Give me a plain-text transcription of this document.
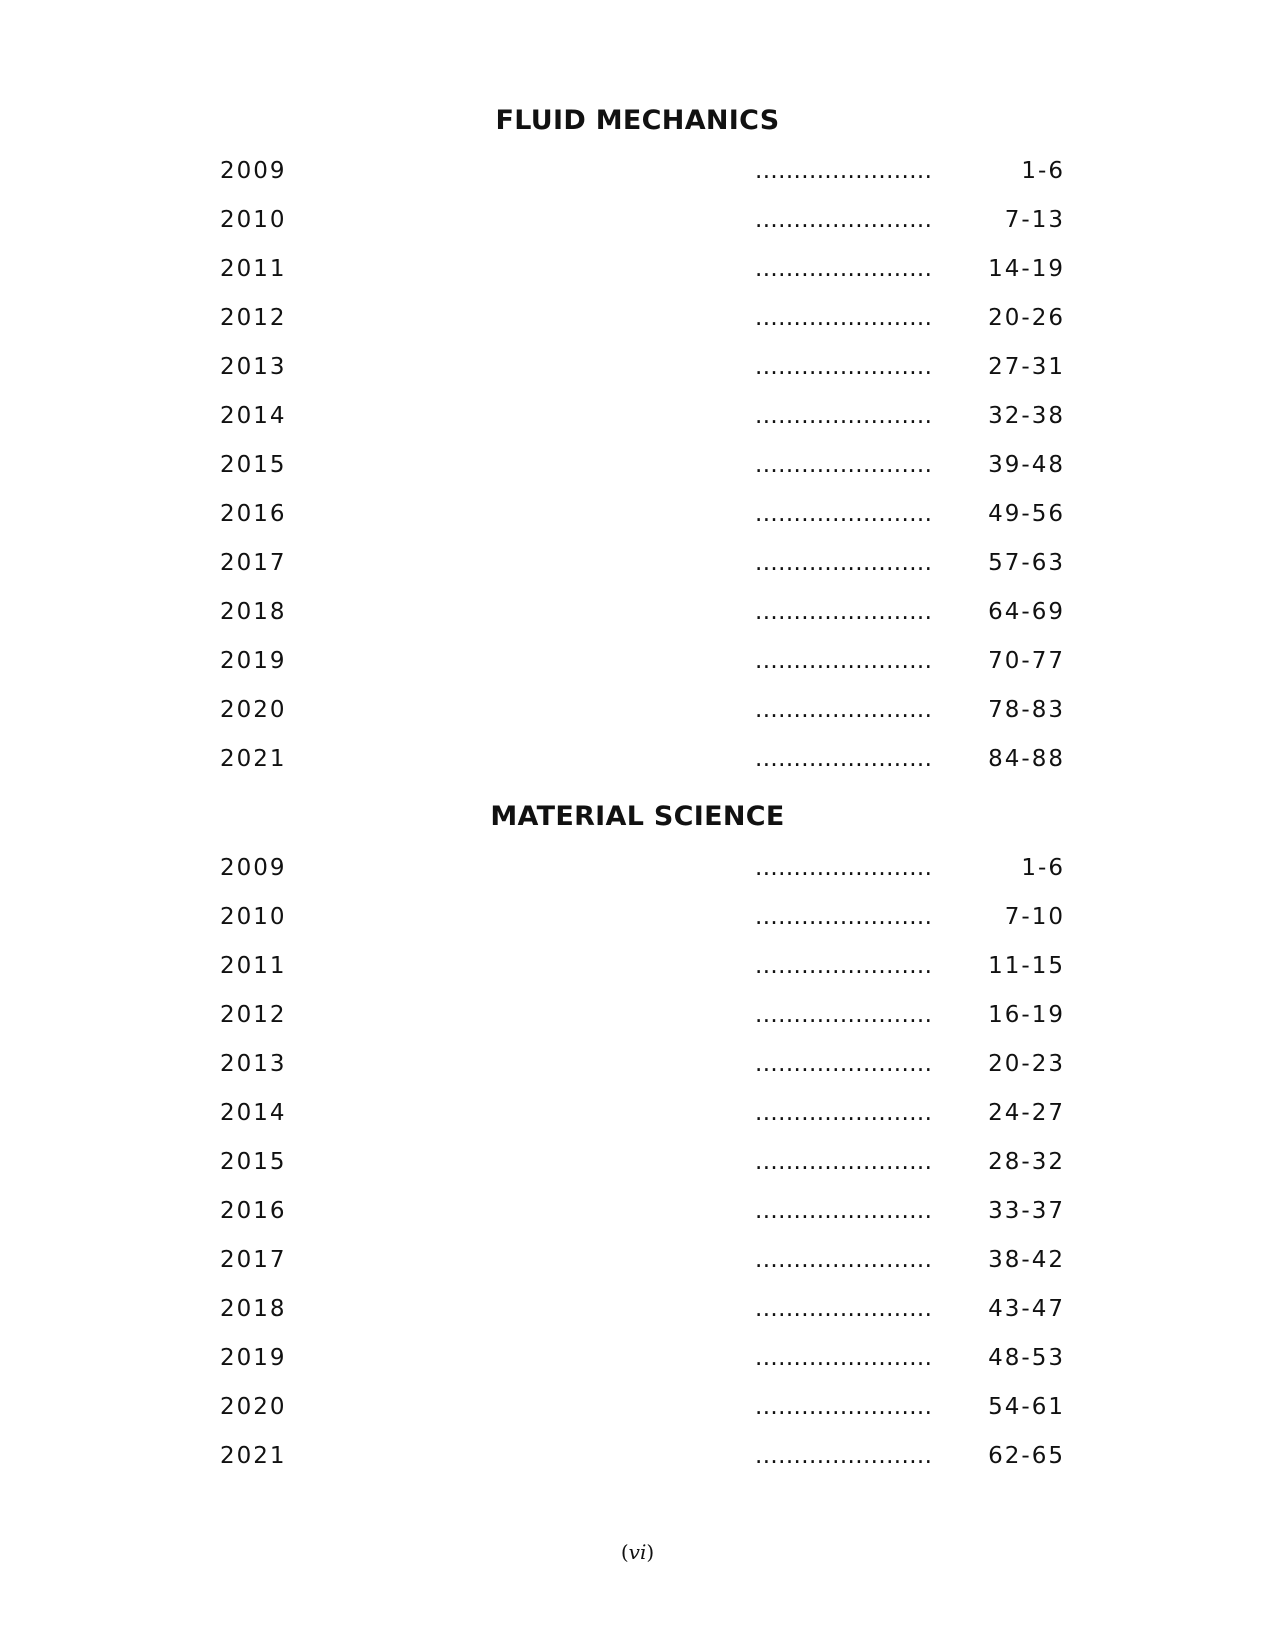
FLUID MECHANICS
2009	.......................	1-6
2010	.......................	7-13
2011	.......................	14-19
2012	.......................	20-26
2013	.......................	27-31
2014	.......................	32-38
2015	.......................	39-48
2016	.......................	49-56
2017	.......................	57-63
2018	.......................	64-69
2019	.......................	70-77
2020	.......................	78-83
2021	.......................	84-88
MATERIAL SCIENCE
2009	.......................	1-6
2010	.......................	7-10
2011	.......................	11-15
2012	.......................	16-19
2013	.......................	20-23
2014	.......................	24-27
2015	.......................	28-32
2016	.......................	33-37
2017	.......................	38-42
2018	.......................	43-47
2019	.......................	48-53
2020	.......................	54-61
2021	.......................	62-65
(vi)
